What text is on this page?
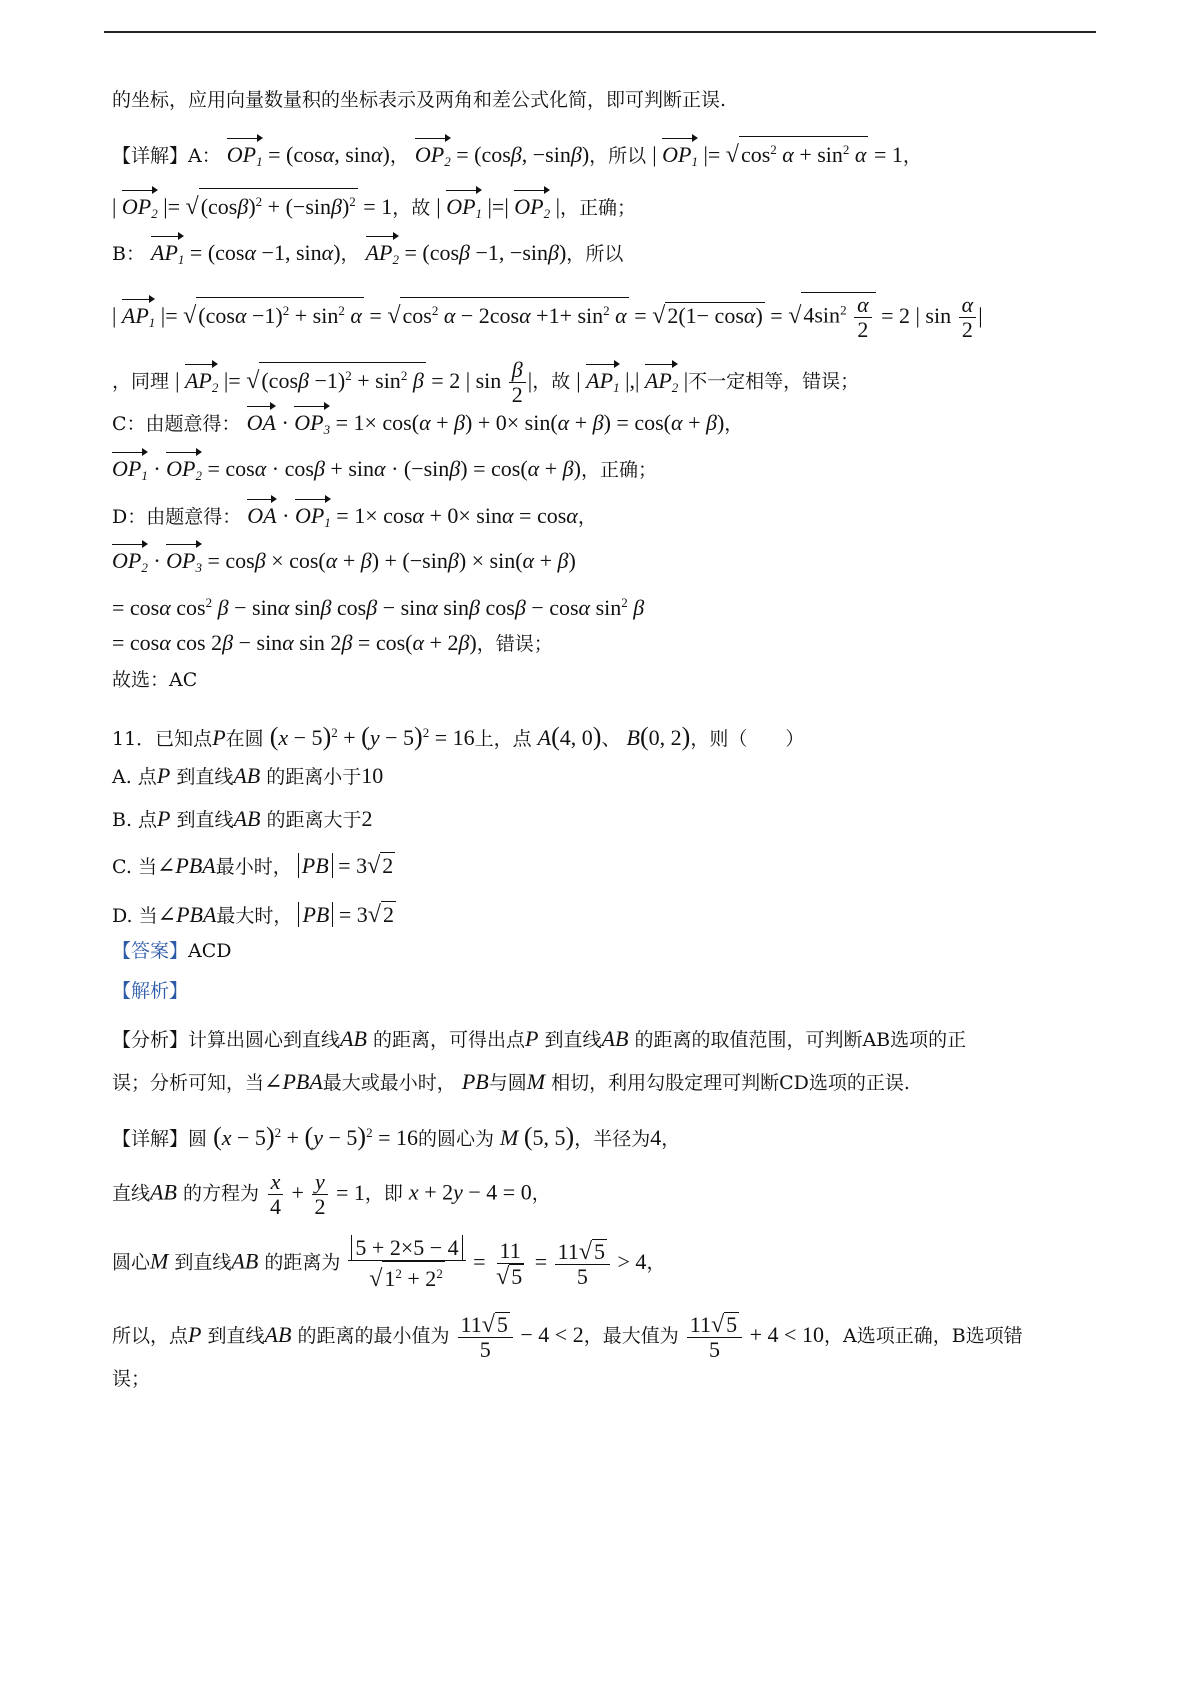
的坐标，应用向量数量积的坐标表示及两角和差公式化简，即可判断正误.
【详解】A： $OP_1 = (\cos\alpha$, sinα)， $OP_2 = (\cos\beta$, −sinβ)，所以 | $OP_1$ |= $√\cos^2$ $\alpha + \sin^2 \alpha = 1$，
| $OP_2$ |= $√(\cos\beta)^2 + (-\sin\beta)^2 = 1$，故 | $OP_1$ |=| $OP_2$ |，正确；
B： $AP_1 = (\cos\alpha -1$, sinα)， $AP_2 = (\cos\beta -1$, −sinβ)，所以
| $AP_1$ |= $√(\cos\alpha -1)^2 + \sin^2 \alpha = √\cos^2$ $\alpha - 2\cos\alpha +1+ \sin^2 \alpha = √2(1- \cos\alpha) = √4\sin^2 \frac{\alpha}{2} = 2$ | $\sin \frac{\alpha}{2}$ |
，同理 | $AP_2$ |= $√(\cos\beta -1)^2 + \sin^2 \beta = 2$ | $\sin \frac{\beta}{2}$ |，故 | $AP_1$ |,| $AP_2$ |不一定相等，错误；
C：由题意得： OA · $OP_3 = 1\times \cos(\alpha + \beta) + 0\times \sin(\alpha + \beta) = \cos(\alpha + \beta)$，
$OP_1 \cdot OP_2 = \cos\alpha \cdot \cos\beta + \sin\alpha \cdot (-\sin\beta) = \cos(\alpha + \beta)$，正确；
D：由题意得： OA · $OP_1 = 1\times \cos\alpha + 0\times \sin\alpha = \cos\alpha$，
$OP_2 \cdot OP_3 = \cos\beta \times \cos(\alpha + \beta) + (-\sin\beta) \times \sin(\alpha + \beta)$
= cosα $\cos^2 \beta - \sin\alpha$ sinβ cosβ − sinα sinβ cosβ − cosα $\sin^2 \beta$
= cosα cos 2β − sinα sin 2β = cos(α + 2β)，错误；
故选：AC
11．已知点P在圆 $(x - 5)^2 + (y - 5)^2 = 16$上，点 A(4, 0)、 B(0, 2)，则（　　）
A. 点P 到直线AB 的距离小于10
B. 点P 到直线AB 的距离大于2
C. 当∠PBA最小时， PB = 3√2
D. 当∠PBA最大时， PB = 3√2
【答案】ACD
【解析】
【分析】计算出圆心到直线AB 的距离，可得出点P 到直线AB 的距离的取值范围，可判断AB选项的正
误；分析可知，当∠PBA最大或最小时， PB与圆M 相切，利用勾股定理可判断CD选项的正误.
【详解】圆 $(x - 5)^2 + (y - 5)^2 = 16$的圆心为 M (5, 5)，半径为4，
直线AB 的方程为 $\frac{x}{4} + \frac{y}{2} = 1$，即 x + 2y − 4 = 0，
圆心M 到直线AB 的距离为 $\frac{5 + 2\times 5 - 4}{√1^2 + 2^2} = \frac{11}{√5} = \frac{11√5}{5} > 4$，
所以，点P 到直线AB 的距离的最小值为 $\frac{11√5}{5} - 4 < 2$，最大值为 $\frac{11√5}{5} + 4 < 10$，A选项正确，B选项错
误；
